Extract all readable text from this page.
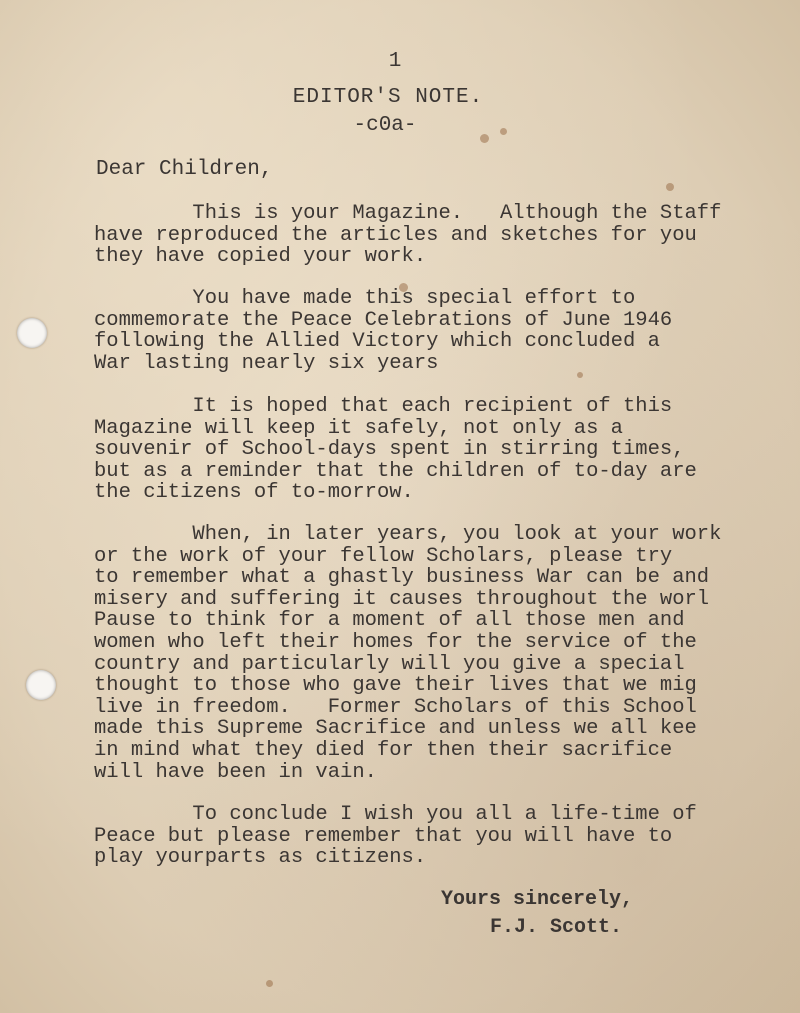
1
EDITOR'S NOTE.
-c0a-
Dear Children,
This is your Magazine.   Although the Staff
have reproduced the articles and sketches for you
they have copied your work.
You have made this special effort to
commemorate the Peace Celebrations of June 1946
following the Allied Victory which concluded a
War lasting nearly six years
It is hoped that each recipient of this
Magazine will keep it safely, not only as a
souvenir of School-days spent in stirring times,
but as a reminder that the children of to-day are
the citizens of to-morrow.
When, in later years, you look at your work
or the work of your fellow Scholars, please try
to remember what a ghastly business War can be and
misery and suffering it causes throughout the worl
Pause to think for a moment of all those men and
women who left their homes for the service of the
country and particularly will you give a special
thought to those who gave their lives that we mig
live in freedom.   Former Scholars of this School
made this Supreme Sacrifice and unless we all kee
in mind what they died for then their sacrifice
will have been in vain.
To conclude I wish you all a life-time of
Peace but please remember that you will have to
play yourparts as citizens.
Yours sincerely,
F.J. Scott.
